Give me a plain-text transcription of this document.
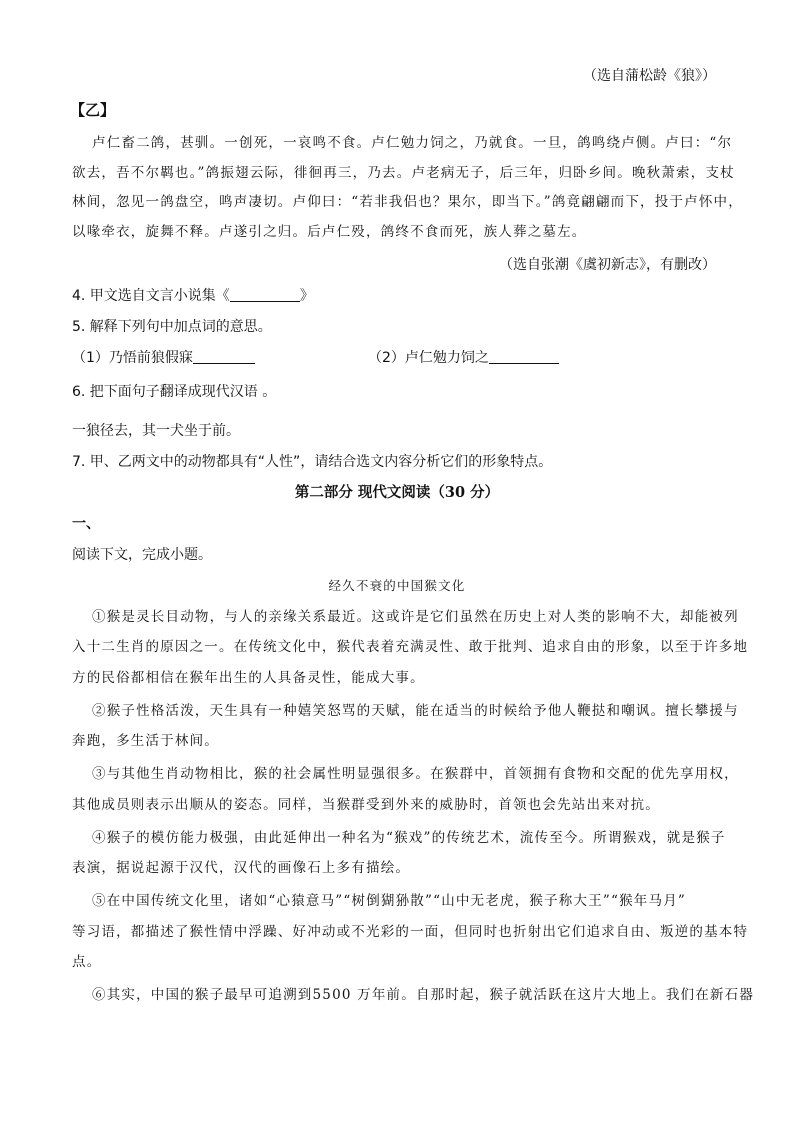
（选自蒲松龄《狼》）
【乙】
卢仁畜二鸽，甚驯。一创死，一哀鸣不食。卢仁勉力饲之，乃就食。一旦，鸽鸣绕卢侧。卢曰：“尔
欲去，吾不尔羁也。”鸽振翅云际，徘徊再三，乃去。卢老病无子，后三年，归卧乡间。晚秋萧索，支杖
林间，忽见一鸽盘空，鸣声凄切。卢仰曰：“若非我侣也？果尔，即当下。”鸽竟翩翩而下，投于卢怀中，
以喙牵衣，旋舞不释。卢遂引之归。后卢仁殁，鸽终不食而死，族人葬之墓左。
（选自张潮《虞初新志》，有删改）
4. 甲文选自文言小说集《	》
5. 解释下列句中加点词的意思。
（1）乃悟前狼假寐	（2）卢仁勉力饲之
6. 把下面句子翻译成现代汉语 。
一狼径去，其一犬坐于前。
7. 甲、乙两文中的动物都具有“人性”，请结合选文内容分析它们的形象特点。
第二部分 现代文阅读（30 分）
一、
阅读下文，完成小题。
经久不衰的中国猴文化
①猴是灵长目动物，与人的亲缘关系最近。这或许是它们虽然在历史上对人类的影响不大，却能被列
入十二生肖的原因之一。在传统文化中，猴代表着充满灵性、敢于批判、追求自由的形象，以至于许多地
方的民俗都相信在猴年出生的人具备灵性，能成大事。
②猴子性格活泼，天生具有一种嬉笑怒骂的天赋，能在适当的时候给予他人鞭挞和嘲讽。擅长攀援与
奔跑，多生活于林间。
③与其他生肖动物相比，猴的社会属性明显强很多。在猴群中，首领拥有食物和交配的优先享用权，
其他成员则表示出顺从的姿态。同样，当猴群受到外来的威胁时，首领也会先站出来对抗。
④猴子的模仿能力极强，由此延伸出一种名为“猴戏”的传统艺术，流传至今。所谓猴戏，就是猴子
表演，据说起源于汉代，汉代的画像石上多有描绘。
⑤在中国传统文化里，诸如“心猿意马”“树倒猢狲散”“山中无老虎，猴子称大王”“猴年马月”
等习语，都描述了猴性情中浮躁、好冲动或不光彩的一面，但同时也折射出它们追求自由、叛逆的基本特
点。
⑥其实，中国的猴子最早可追溯到5500 万年前。自那时起，猴子就活跃在这片大地上。我们在新石器
